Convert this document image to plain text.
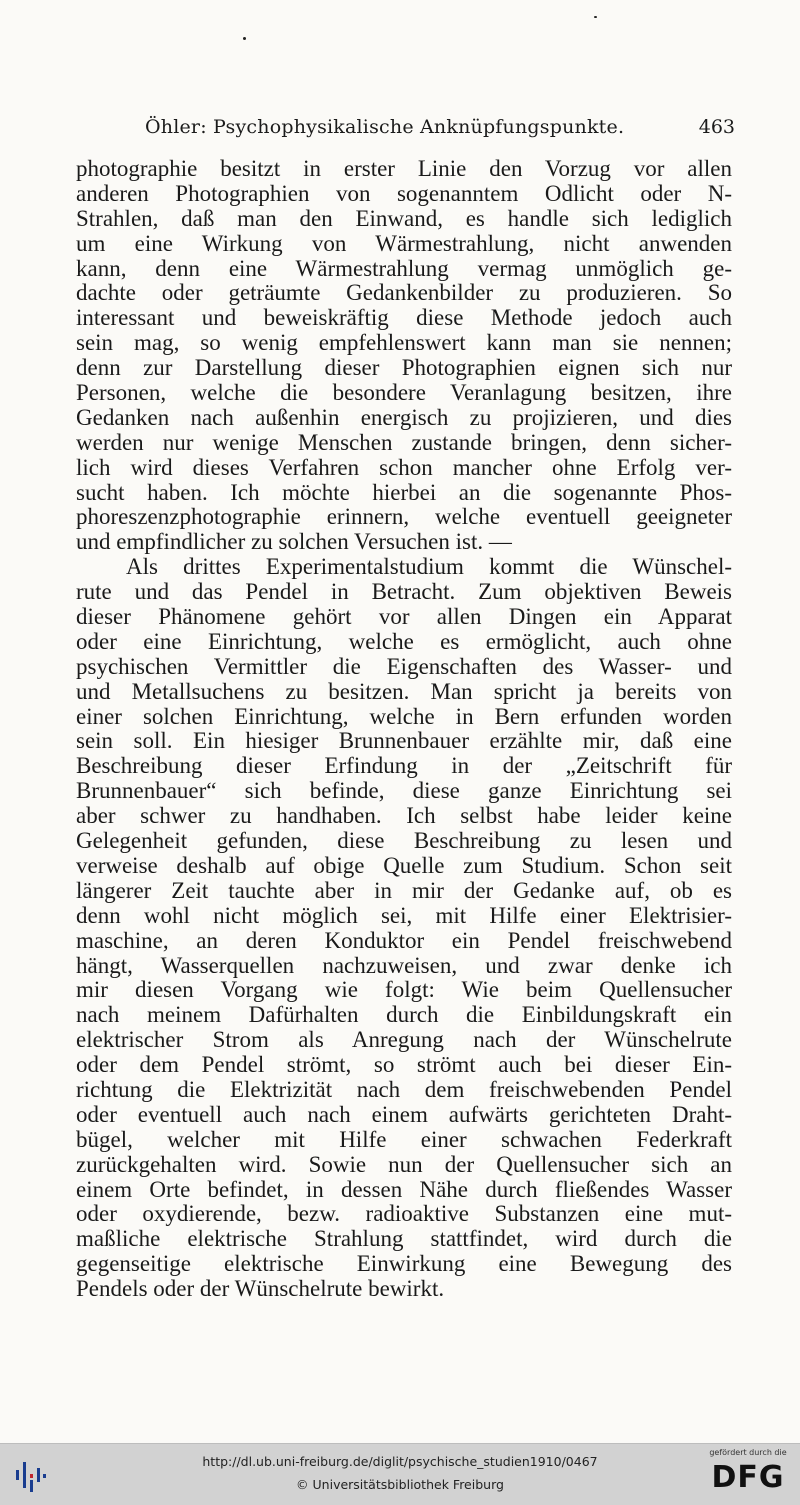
Öhler: Psychophysikalische Anknüpfungspunkte.	463
photographie besitzt in erster Linie den Vorzug vor allen
anderen Photographien von sogenanntem Odlicht oder N-
Strahlen, daß man den Einwand, es handle sich lediglich
um eine Wirkung von Wärmestrahlung, nicht anwenden
kann, denn eine Wärmestrahlung vermag unmöglich ge-
dachte oder geträumte Gedankenbilder zu produzieren. So
interessant und beweiskräftig diese Methode jedoch auch
sein mag, so wenig empfehlenswert kann man sie nennen;
denn zur Darstellung dieser Photographien eignen sich nur
Personen, welche die besondere Veranlagung besitzen, ihre
Gedanken nach außenhin energisch zu projizieren, und dies
werden nur wenige Menschen zustande bringen, denn sicher-
lich wird dieses Verfahren schon mancher ohne Erfolg ver-
sucht haben. Ich möchte hierbei an die sogenannte Phos-
phoreszenzphotographie erinnern, welche eventuell geeigneter
und empfindlicher zu solchen Versuchen ist. —
Als drittes Experimentalstudium kommt die Wünschel-
rute und das Pendel in Betracht. Zum objektiven Beweis
dieser Phänomene gehört vor allen Dingen ein Apparat
oder eine Einrichtung, welche es ermöglicht, auch ohne
psychischen Vermittler die Eigenschaften des Wasser- und
und Metallsuchens zu besitzen. Man spricht ja bereits von
einer solchen Einrichtung, welche in Bern erfunden worden
sein soll. Ein hiesiger Brunnenbauer erzählte mir, daß eine
Beschreibung dieser Erfindung in der „Zeitschrift für
Brunnenbauer“ sich befinde, diese ganze Einrichtung sei
aber schwer zu handhaben. Ich selbst habe leider keine
Gelegenheit gefunden, diese Beschreibung zu lesen und
verweise deshalb auf obige Quelle zum Studium. Schon seit
längerer Zeit tauchte aber in mir der Gedanke auf, ob es
denn wohl nicht möglich sei, mit Hilfe einer Elektrisier-
maschine, an deren Konduktor ein Pendel freischwebend
hängt, Wasserquellen nachzuweisen, und zwar denke ich
mir diesen Vorgang wie folgt: Wie beim Quellensucher
nach meinem Dafürhalten durch die Einbildungskraft ein
elektrischer Strom als Anregung nach der Wünschelrute
oder dem Pendel strömt, so strömt auch bei dieser Ein-
richtung die Elektrizität nach dem freischwebenden Pendel
oder eventuell auch nach einem aufwärts gerichteten Draht-
bügel, welcher mit Hilfe einer schwachen Federkraft
zurückgehalten wird. Sowie nun der Quellensucher sich an
einem Orte befindet, in dessen Nähe durch fließendes Wasser
oder oxydierende, bezw. radioaktive Substanzen eine mut-
maßliche elektrische Strahlung stattfindet, wird durch die
gegenseitige elektrische Einwirkung eine Bewegung des
Pendels oder der Wünschelrute bewirkt.
http://dl.ub.uni-freiburg.de/diglit/psychische_studien1910/0467
© Universitätsbibliothek Freiburg
gefördert durch die
DFG
